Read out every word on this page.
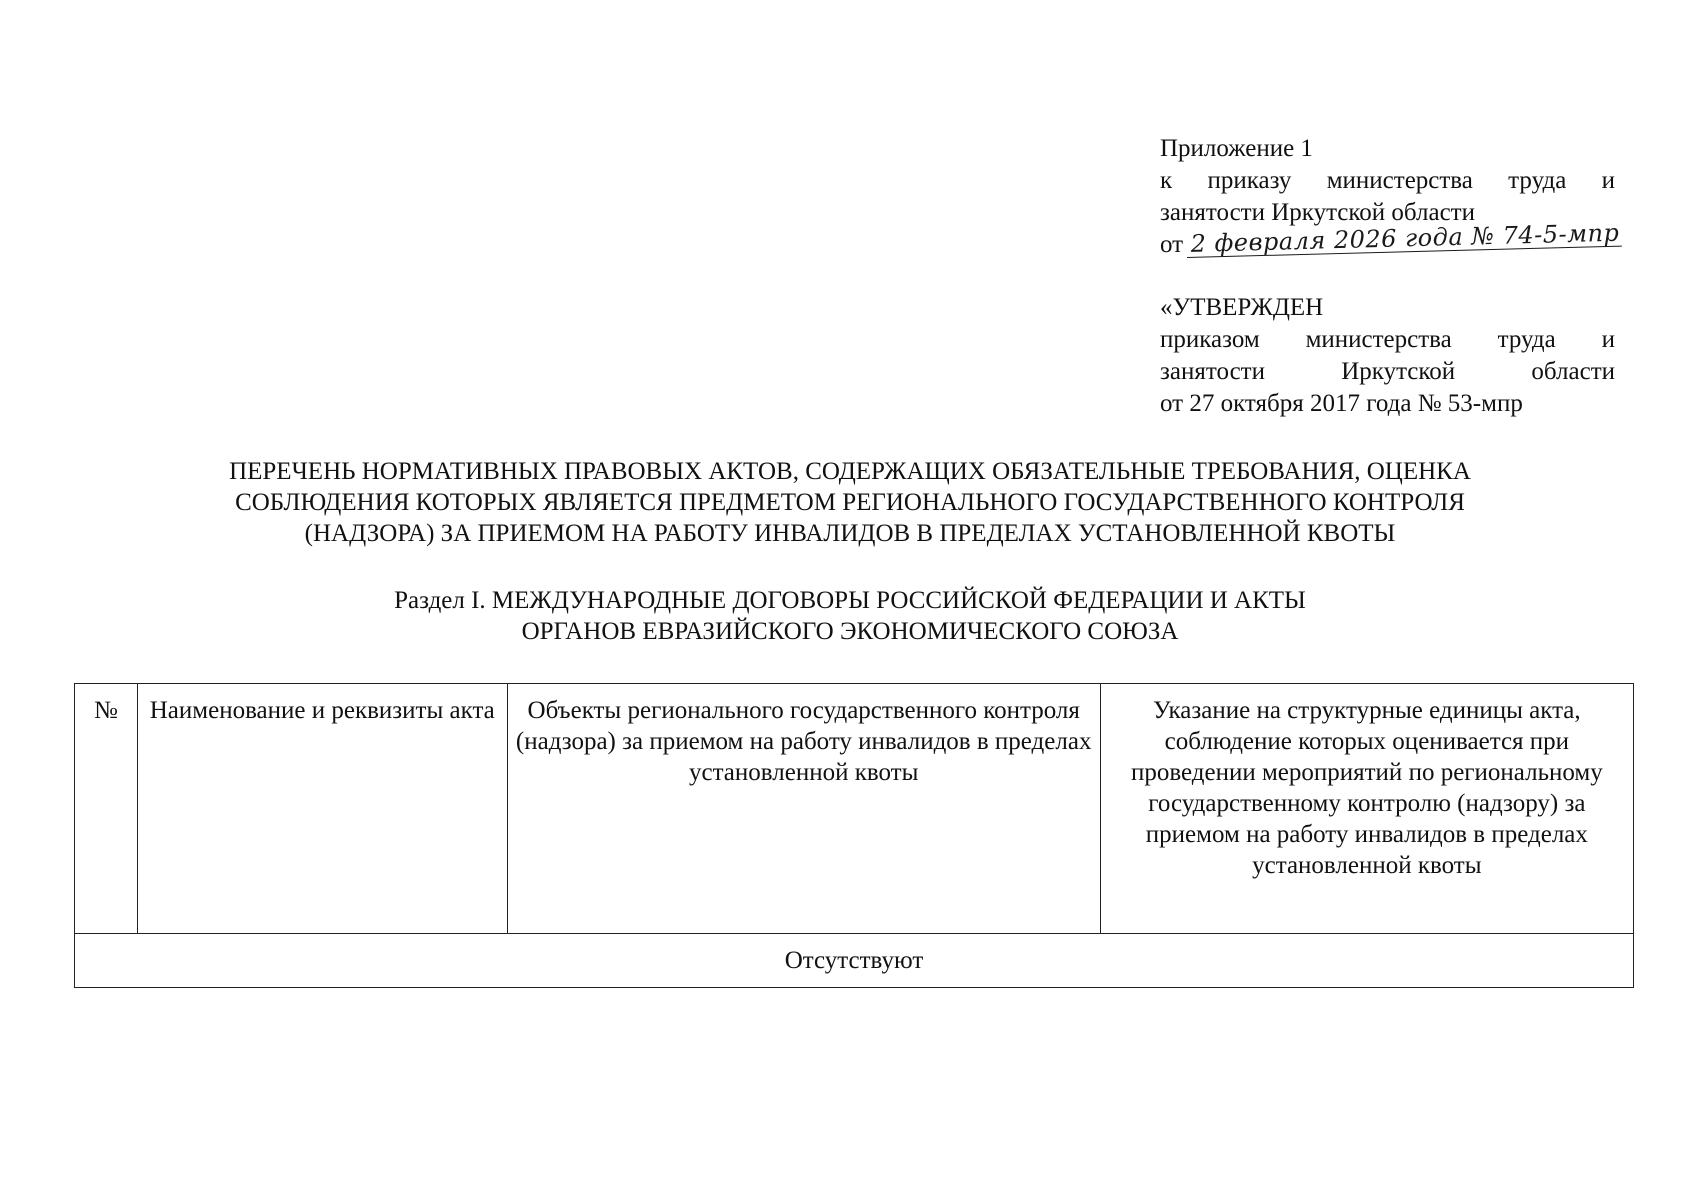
Приложение 1
к приказу министерства труда и
занятости Иркутской области
от 2 февраля 2026 года № 74-5-мпр
«УТВЕРЖДЕН
приказом министерства труда и
занятости Иркутской области
от 27 октября 2017 года № 53-мпр
ПЕРЕЧЕНЬ НОРМАТИВНЫХ ПРАВОВЫХ АКТОВ, СОДЕРЖАЩИХ ОБЯЗАТЕЛЬНЫЕ ТРЕБОВАНИЯ, ОЦЕНКА
СОБЛЮДЕНИЯ КОТОРЫХ ЯВЛЯЕТСЯ ПРЕДМЕТОМ РЕГИОНАЛЬНОГО ГОСУДАРСТВЕННОГО КОНТРОЛЯ
(НАДЗОРА) ЗА ПРИЕМОМ НА РАБОТУ ИНВАЛИДОВ В ПРЕДЕЛАХ УСТАНОВЛЕННОЙ КВОТЫ
Раздел I. МЕЖДУНАРОДНЫЕ ДОГОВОРЫ РОССИЙСКОЙ ФЕДЕРАЦИИ И АКТЫ
ОРГАНОВ ЕВРАЗИЙСКОГО ЭКОНОМИЧЕСКОГО СОЮЗА
№	Наименование и реквизиты акта	Объекты регионального государственного контроля (надзора) за приемом на работу инвалидов в пределах установленной квоты	Указание на структурные единицы акта, соблюдение которых оценивается при проведении мероприятий по региональному государственному контролю (надзору) за приемом на работу инвалидов в пределах установленной квоты
Отсутствуют
